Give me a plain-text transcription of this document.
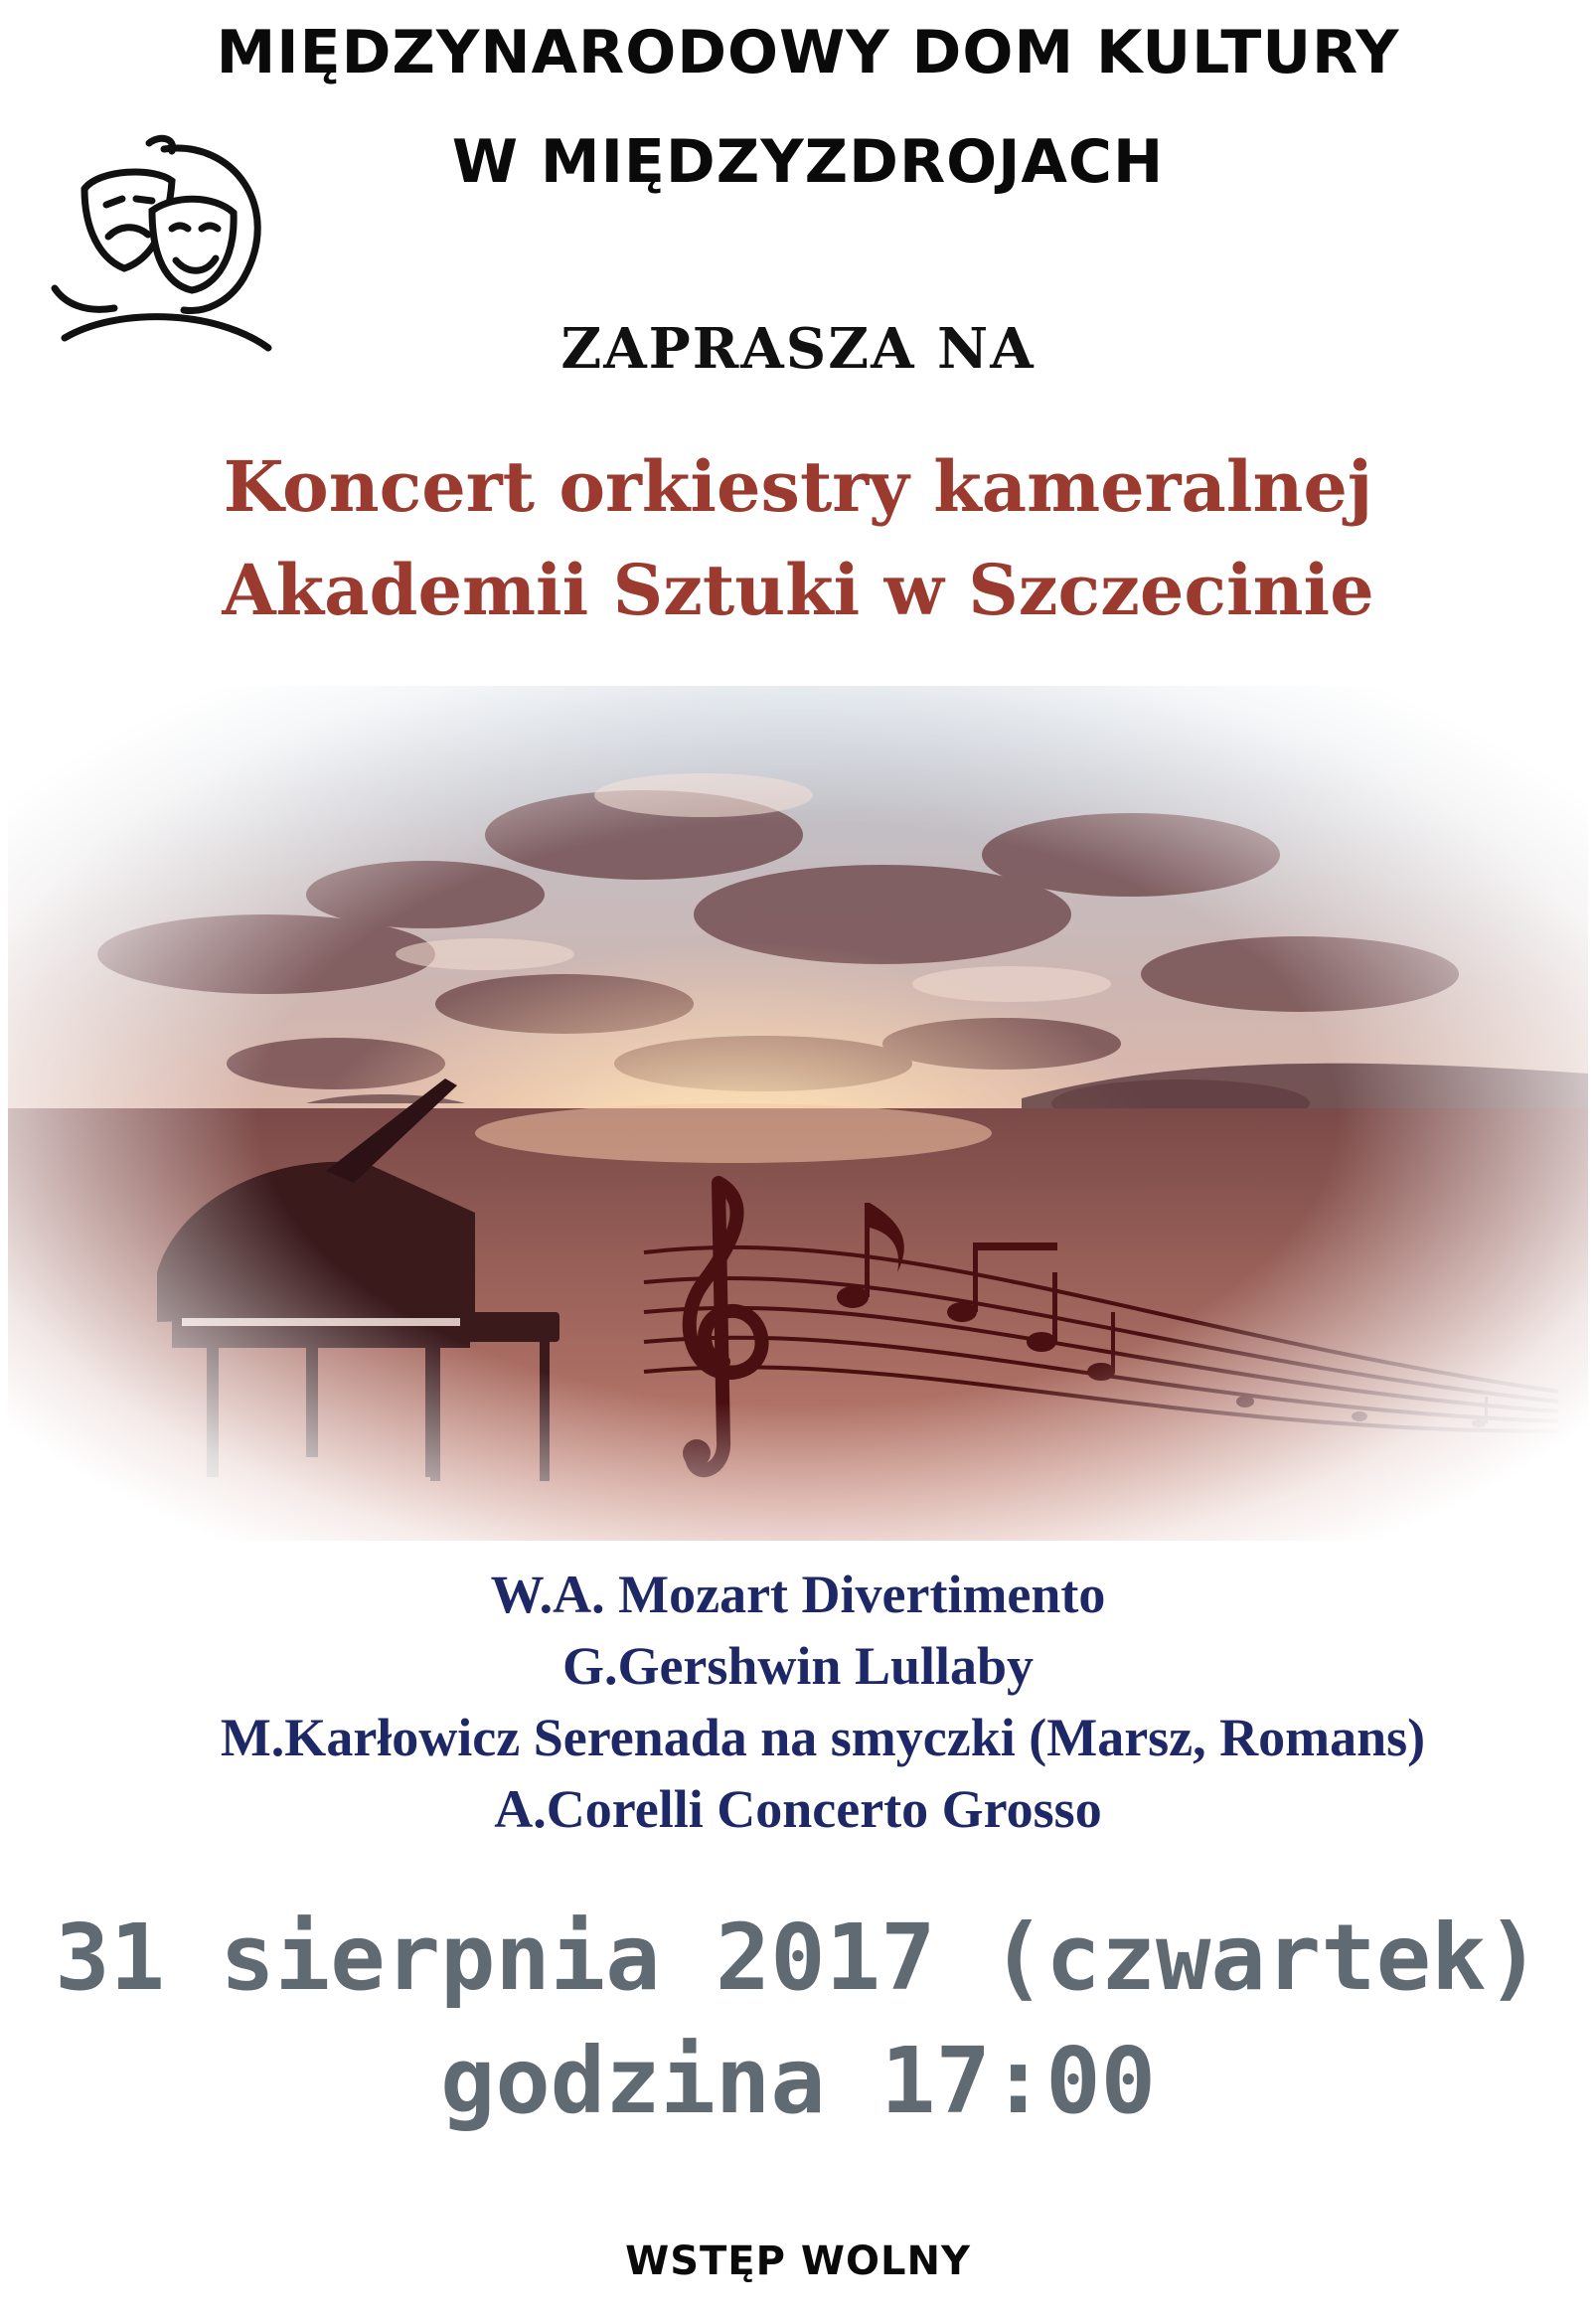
MIĘDZYNARODOWY DOM KULTURY
W MIĘDZYZDROJACH
ZAPRASZA NA
Koncert orkiestry kameralnej
Akademii Sztuki w Szczecinie
W.A. Mozart Divertimento
G.Gershwin Lullaby
M.Karłowicz Serenada na smyczki (Marsz, Romans)
A.Corelli Concerto Grosso
31 sierpnia 2017 (czwartek)
godzina 17:00
WSTĘP WOLNY
